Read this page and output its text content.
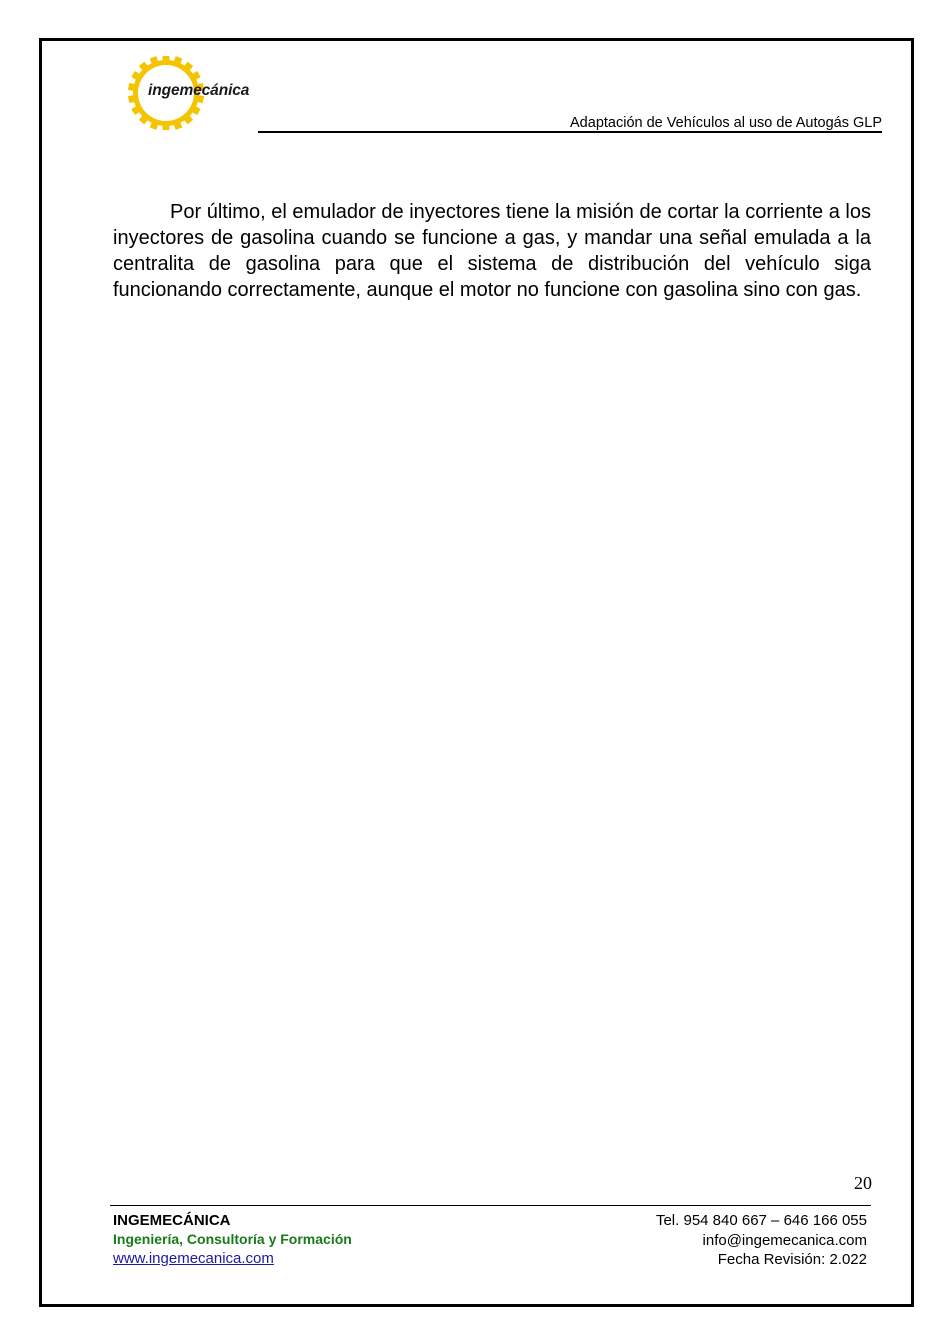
ingemecánica
Adaptación de Vehículos al uso de Autogás GLP

Por último, el emulador de inyectores tiene la misión de cortar la corriente a los inyectores de gasolina cuando se funcione a gas, y mandar una señal emulada a la centralita de gasolina para que el sistema de distribución del vehículo siga funcionando correctamente, aunque el motor no funcione con gasolina sino con gas.

20
INGEMECÁNICA
Ingeniería, Consultoría y Formación
www.ingemecanica.com
Tel. 954 840 667 – 646 166 055
info@ingemecanica.com
Fecha Revisión: 2.022
